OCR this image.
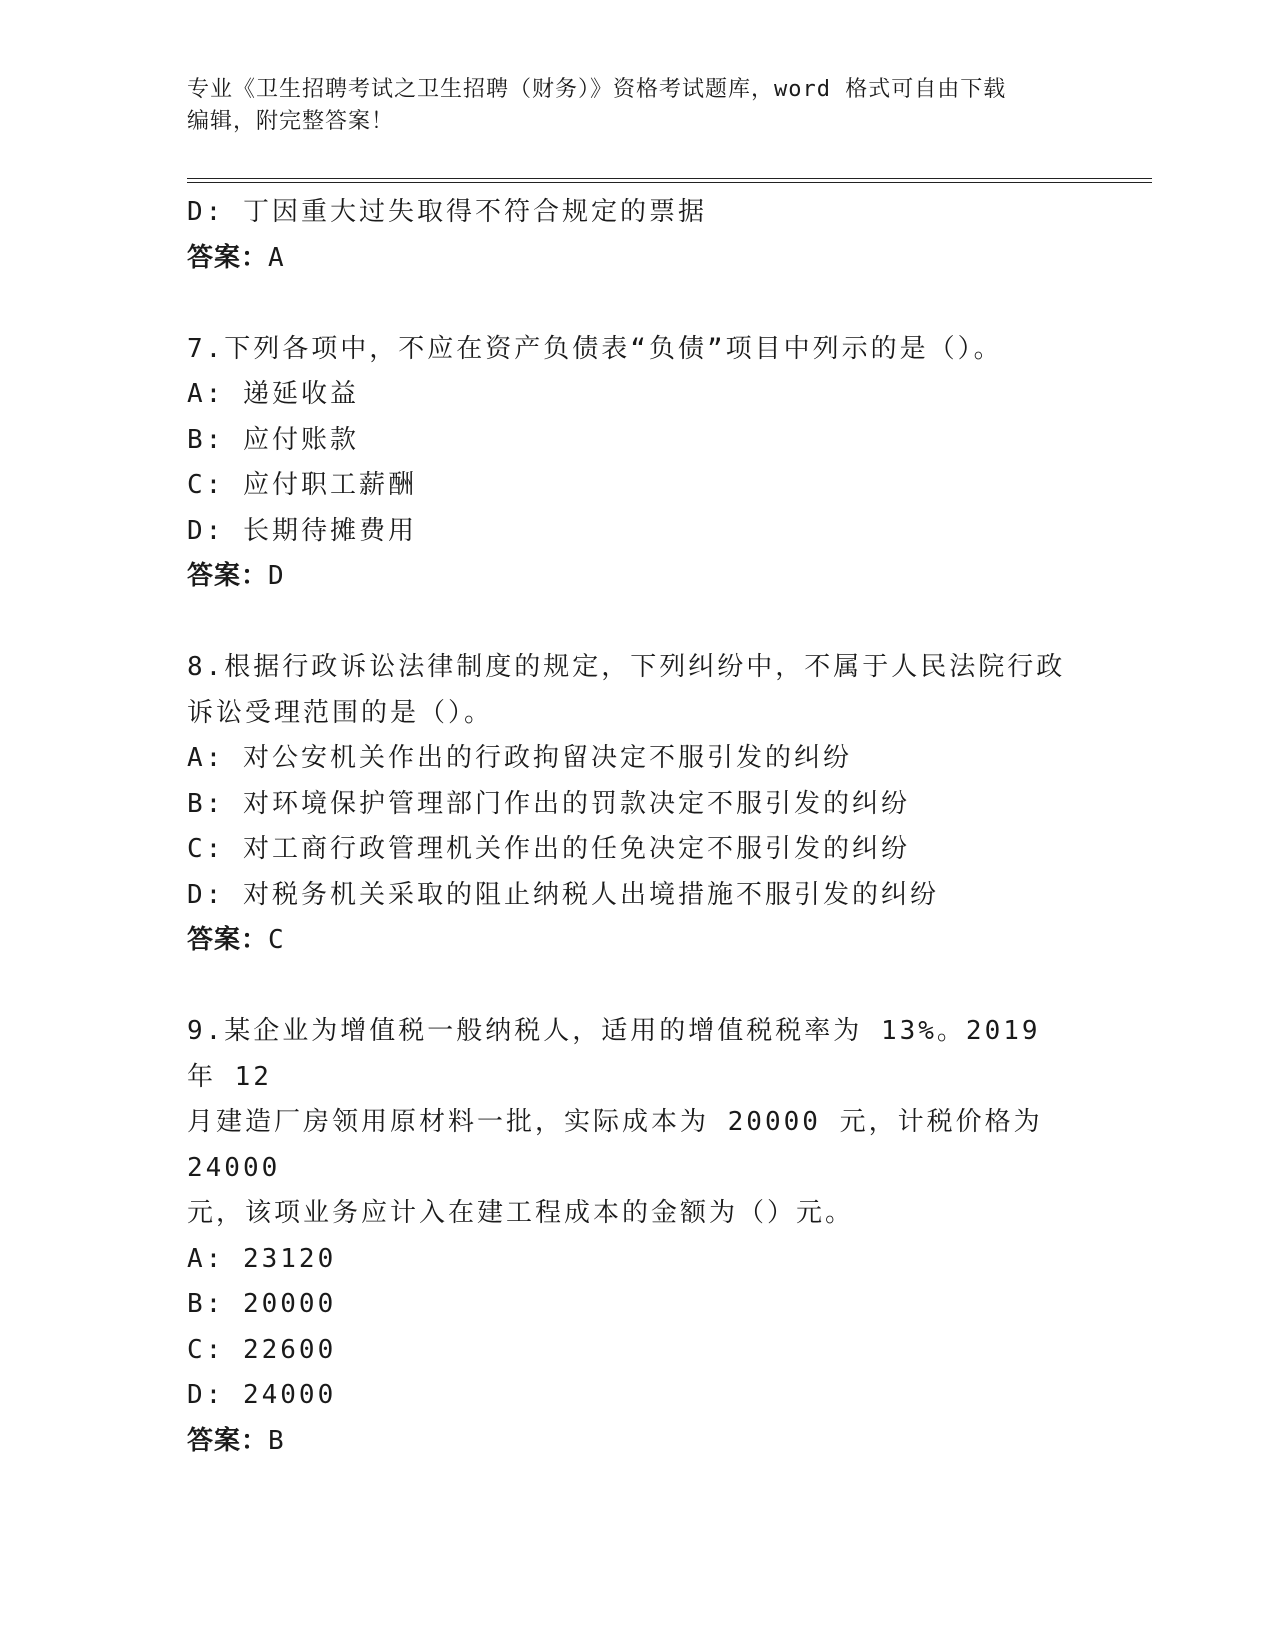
专业《卫生招聘考试之卫生招聘（财务）》资格考试题库，word 格式可自由下载
编辑，附完整答案！
D: 丁因重大过失取得不符合规定的票据
答案：A
7.下列各项中，不应在资产负债表“负债”项目中列示的是（）。
A: 递延收益
B: 应付账款
C: 应付职工薪酬
D: 长期待摊费用
答案：D
8.根据行政诉讼法律制度的规定，下列纠纷中，不属于人民法院行政
诉讼受理范围的是（）。
A: 对公安机关作出的行政拘留决定不服引发的纠纷
B: 对环境保护管理部门作出的罚款决定不服引发的纠纷
C: 对工商行政管理机关作出的任免决定不服引发的纠纷
D: 对税务机关采取的阻止纳税人出境措施不服引发的纠纷
答案：C
9.某企业为增值税一般纳税人，适用的增值税税率为 13%。2019 年 12
月建造厂房领用原材料一批，实际成本为 20000 元，计税价格为 24000
元，该项业务应计入在建工程成本的金额为（）元。
A: 23120
B: 20000
C: 22600
D: 24000
答案：B
